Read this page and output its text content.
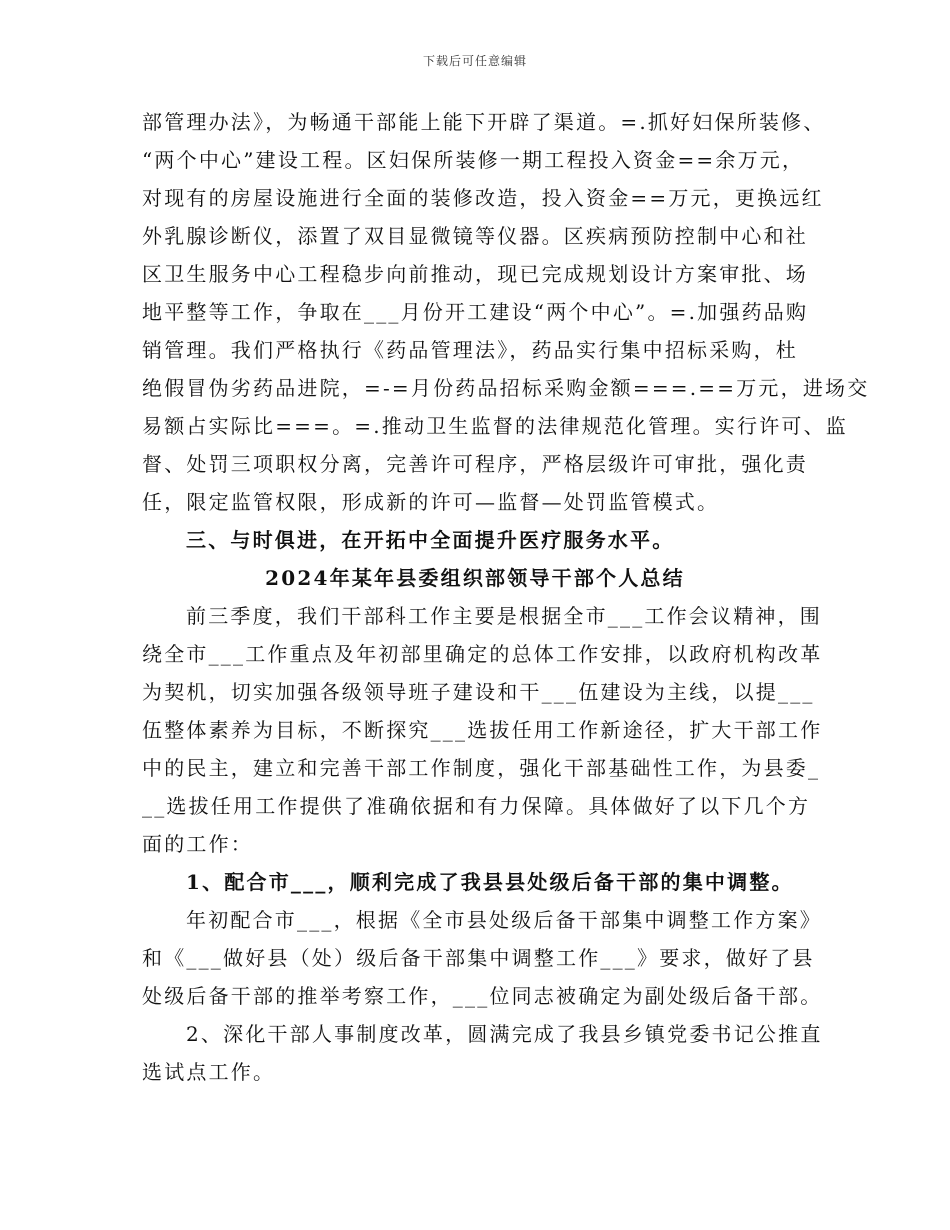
下载后可任意编辑
部管理办法》，为畅通干部能上能下开辟了渠道。=.抓好妇保所装修、
“两个中心”建设工程。区妇保所装修一期工程投入资金==余万元，
对现有的房屋设施进行全面的装修改造，投入资金==万元，更换远红
外乳腺诊断仪，添置了双目显微镜等仪器。区疾病预防控制中心和社
区卫生服务中心工程稳步向前推动，现已完成规划设计方案审批、场
地平整等工作，争取在___月份开工建设“两个中心”。=.加强药品购
销管理。我们严格执行《药品管理法》，药品实行集中招标采购，杜
绝假冒伪劣药品进院，=-=月份药品招标采购金额===.==万元，进场交
易额占实际比===。=.推动卫生监督的法律规范化管理。实行许可、监
督、处罚三项职权分离，完善许可程序，严格层级许可审批，强化责
任，限定监管权限，形成新的许可—监督—处罚监管模式。
三、与时俱进，在开拓中全面提升医疗服务水平。
2024年某年县委组织部领导干部个人总结
前三季度，我们干部科工作主要是根据全市___工作会议精神，围
绕全市___工作重点及年初部里确定的总体工作安排，以政府机构改革
为契机，切实加强各级领导班子建设和干___伍建设为主线，以提___
伍整体素养为目标，不断探究___选拔任用工作新途径，扩大干部工作
中的民主，建立和完善干部工作制度，强化干部基础性工作，为县委_
__选拔任用工作提供了准确依据和有力保障。具体做好了以下几个方
面的工作：
1、配合市___，顺利完成了我县县处级后备干部的集中调整。
年初配合市___，根据《全市县处级后备干部集中调整工作方案》
和《___做好县（处）级后备干部集中调整工作___》要求，做好了县
处级后备干部的推举考察工作，___位同志被确定为副处级后备干部。
2、深化干部人事制度改革，圆满完成了我县乡镇党委书记公推直
选试点工作。
